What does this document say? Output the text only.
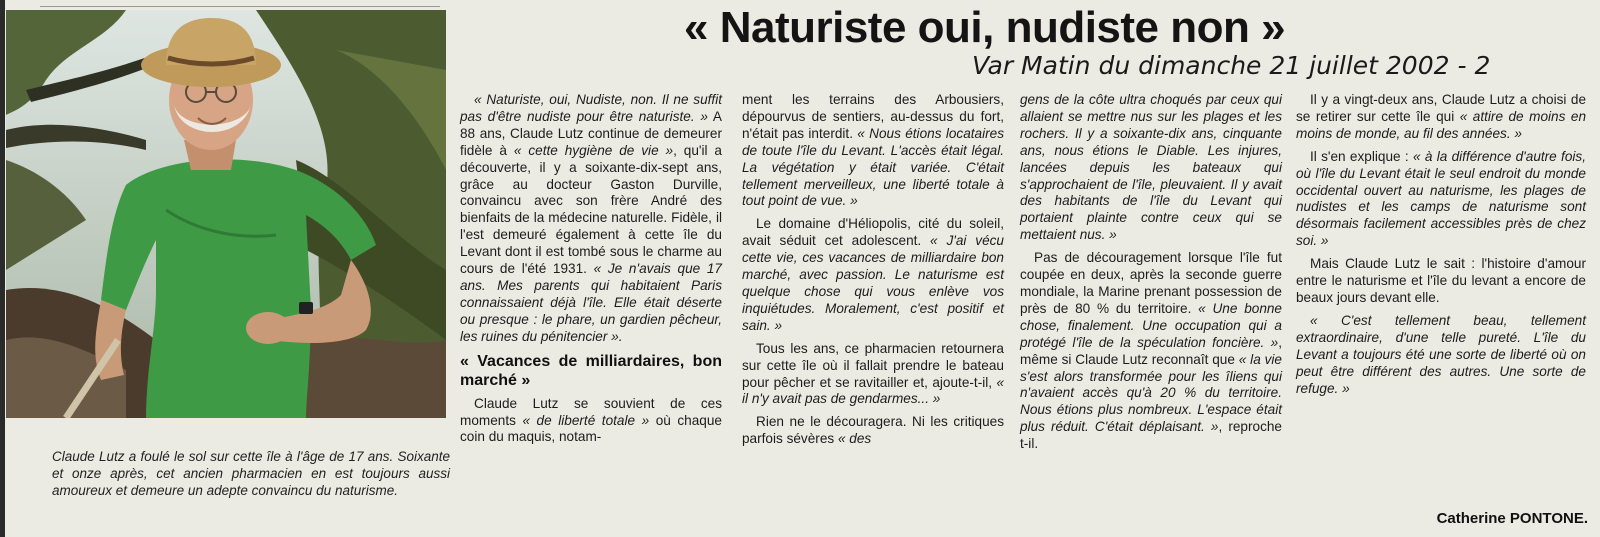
Claude Lutz a foulé le sol sur cette île à l'âge de 17 ans. Soixante et onze après, cet ancien pharmacien en est toujours aussi amoureux et demeure un adepte convaincu du naturisme.
« Naturiste oui, nudiste non »
Var Matin du dimanche 21 juillet 2002 - 2

« Naturiste, oui, Nudiste, non. Il ne suffit pas d'être nudiste pour être naturiste. » A 88 ans, Claude Lutz continue de demeurer fidèle à « cette hygiène de vie », qu'il a découverte, il y a soixante-dix-sept ans, grâce au docteur Gaston Durville, convaincu avec son frère André des bienfaits de la médecine naturelle. Fidèle, il l'est demeuré également à cette île du Levant dont il est tombé sous le charme au cours de l'été 1931. « Je n'avais que 17 ans. Mes parents qui habitaient Paris connaissaient déjà l'île. Elle était déserte ou presque : le phare, un gardien pêcheur, les ruines du pénitencier ».

« Vacances de milliardaires, bon marché »

Claude Lutz se souvient de ces moments « de liberté totale » où chaque coin du maquis, notam-

ment les terrains des Arbousiers, dépourvus de sentiers, au-dessus du fort, n'était pas interdit. « Nous étions locataires de toute l'île du Levant. L'accès était légal. La végétation y était variée. C'était tellement merveilleux, une liberté totale à tout point de vue. »

Le domaine d'Héliopolis, cité du soleil, avait séduit cet adolescent. « J'ai vécu cette vie, ces vacances de milliardaire bon marché, avec passion. Le naturisme est quelque chose qui vous enlève vos inquiétudes. Moralement, c'est positif et sain. »

Tous les ans, ce pharmacien retournera sur cette île où il fallait prendre le bateau pour pêcher et se ravitailler et, ajoute-t-il, « il n'y avait pas de gendarmes... »

Rien ne le découragera. Ni les critiques parfois sévères « des

gens de la côte ultra choqués par ceux qui allaient se mettre nus sur les plages et les rochers. Il y a soixante-dix ans, cinquante ans, nous étions le Diable. Les injures, lancées depuis les bateaux qui s'approchaient de l'île, pleuvaient. Il y avait des habitants de l'île du Levant qui portaient plainte contre ceux qui se mettaient nus. »

Pas de découragement lorsque l'île fut coupée en deux, après la seconde guerre mondiale, la Marine prenant possession de près de 80 % du territoire. « Une bonne chose, finalement. Une occupation qui a protégé l'île de la spéculation foncière. », même si Claude Lutz reconnaît que « la vie s'est alors transformée pour les îliens qui n'avaient accès qu'à 20 % du territoire. Nous étions plus nombreux. L'espace était plus réduit. C'était déplaisant. », reproche t-il.

Il y a vingt-deux ans, Claude Lutz a choisi de se retirer sur cette île qui « attire de moins en moins de monde, au fil des années. »

Il s'en explique : « à la différence d'autre fois, où l'île du Levant était le seul endroit du monde occidental ouvert au naturisme, les plages de nudistes et les camps de naturisme sont désormais facilement accessibles près de chez soi. »

Mais Claude Lutz le sait : l'histoire d'amour entre le naturisme et l'île du levant a encore de beaux jours devant elle.

« C'est tellement beau, tellement extraordinaire, d'une telle pureté. L'île du Levant a toujours été une sorte de liberté où on peut être différent des autres. Une sorte de refuge. »

Catherine PONTONE.
